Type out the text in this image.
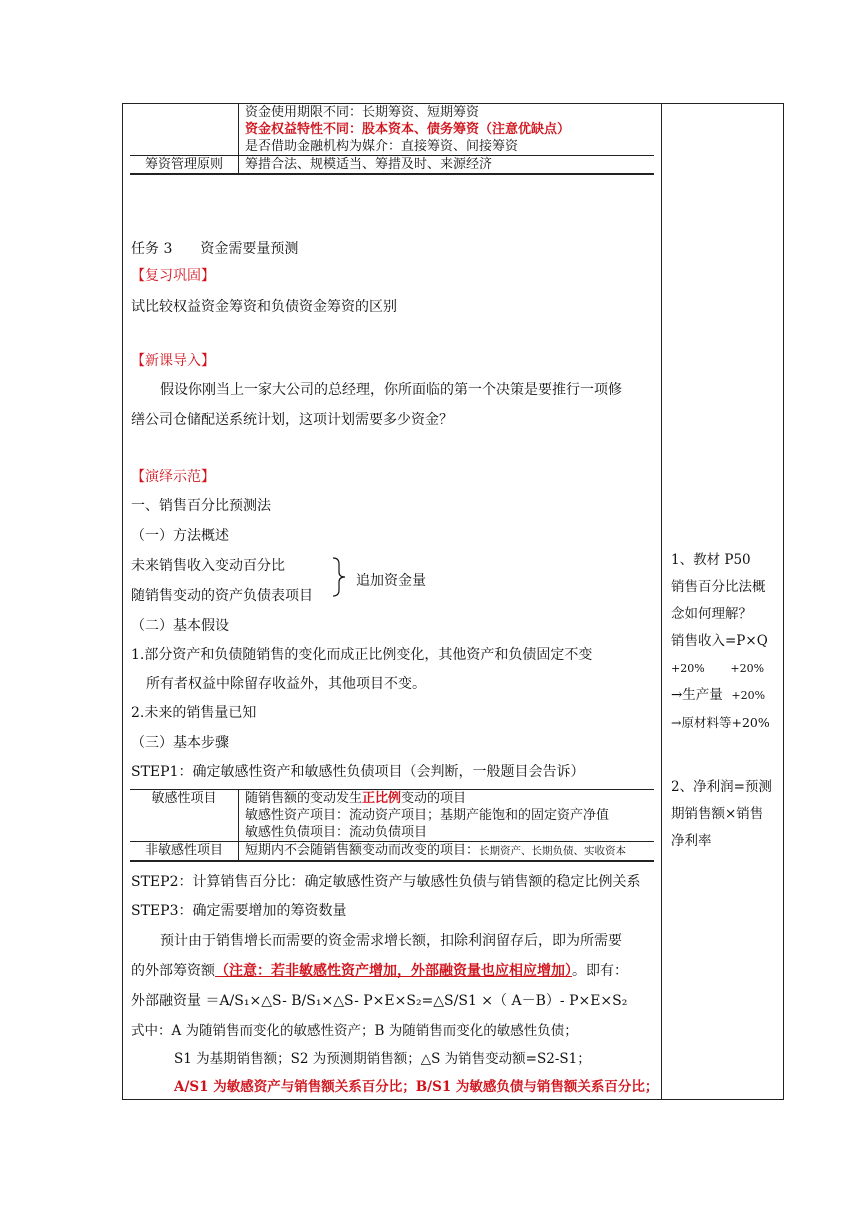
	资金使用期限不同：长期筹资、短期筹资
资金权益特性不同：股本资本、债务筹资（注意优缺点）
是否借助金融机构为媒介：直接筹资、间接筹资

筹资管理原则	筹措合法、规模适当、筹措及时、来源经济
任务 3　　资金需要量预测
【复习巩固】
试比较权益资金筹资和负债资金筹资的区别
【新课导入】
假设你刚当上一家大公司的总经理，你所面临的第一个决策是要推行一项修
缮公司仓储配送系统计划，这项计划需要多少资金？
【演绎示范】
一、销售百分比预测法
（一）方法概述
未来销售收入变动百分比
随销售变动的资产负债表项目
追加资金量
（二）基本假设
1.部分资产和负债随销售的变化而成正比例变化，其他资产和负债固定不变
所有者权益中除留存收益外，其他项目不变。
2.未来的销售量已知
（三）基本步骤
STEP1：确定敏感性资产和敏感性负债项目（会判断，一般题目会告诉）
敏感性项目	随销售额的变动发生正比例变动的项目
敏感性资产项目：流动资产项目；基期产能饱和的固定资产净值
敏感性负债项目：流动负债项目

非敏感性项目	短期内不会随销售额变动而改变的项目：长期资产、长期负债、实收资本
STEP2：计算销售百分比：确定敏感性资产与敏感性负债与销售额的稳定比例关系
STEP3：确定需要增加的筹资数量
预计由于销售增长而需要的资金需求增长额，扣除利润留存后，即为所需要
的外部筹资额（注意：若非敏感性资产增加，外部融资量也应相应增加）。即有：
外部融资量 ＝A/S₁×△S- B/S₁×△S- P×E×S₂=△S/S1 ×（ A－B）- P×E×S₂
式中：A 为随销售而变化的敏感性资产；B 为随销售而变化的敏感性负债；
S1 为基期销售额；S2 为预测期销售额；△S 为销售变动额=S2-S1；
A/S1 为敏感资产与销售额关系百分比；B/S1 为敏感负债与销售额关系百分比；
1、教材 P50
销售百分比法概
念如何理解？
销售收入=P×Q
+20% +20%
→生产量 +20%
→原材料等+20%
2、净利润=预测
期销售额×销售
净利率
